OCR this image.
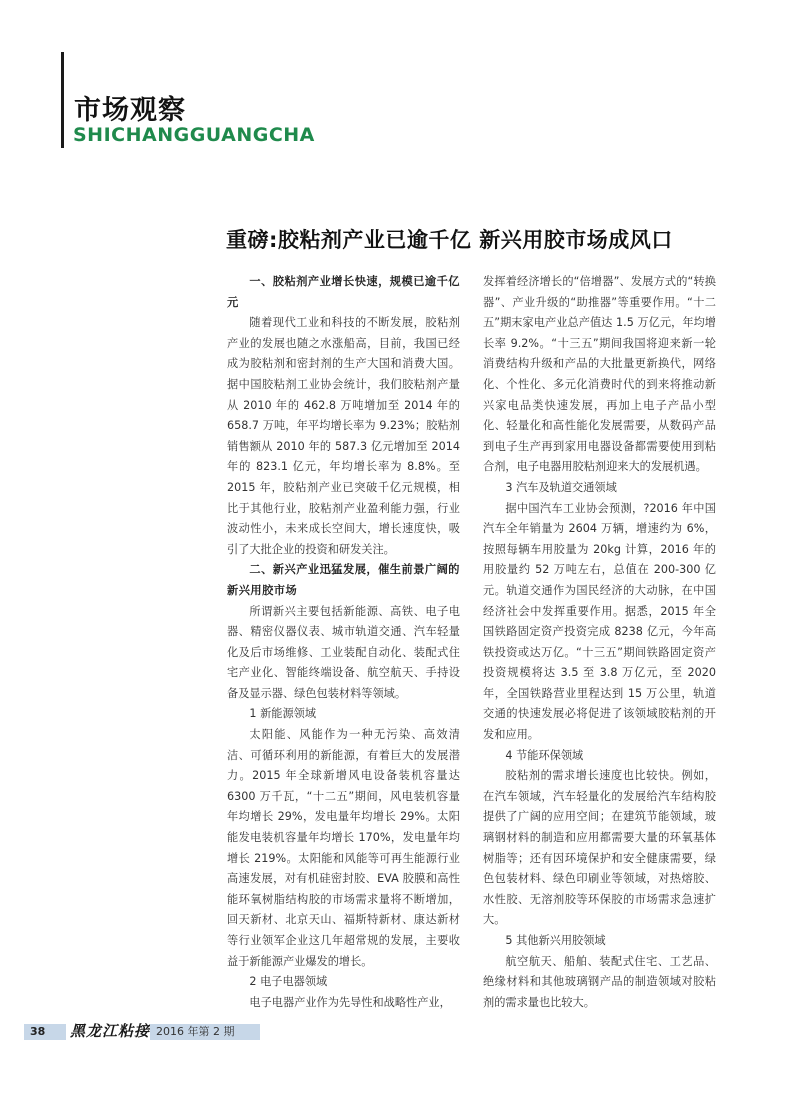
市场观察
SHICHANGGUANGCHA
重磅:胶粘剂产业已逾千亿 新兴用胶市场成风口

一、胶粘剂产业增长快速，规模已逾千亿元

随着现代工业和科技的不断发展，胶粘剂产业的发展也随之水涨船高，目前，我国已经成为胶粘剂和密封剂的生产大国和消费大国。据中国胶粘剂工业协会统计，我们胶粘剂产量从 2010 年的 462.8 万吨增加至 2014 年的 658.7 万吨，年平均增长率为 9.23%；胶粘剂销售额从 2010 年的 587.3 亿元增加至 2014 年的 823.1 亿元，年均增长率为 8.8%。至 2015 年，胶粘剂产业已突破千亿元规模，相比于其他行业，胶粘剂产业盈利能力强，行业波动性小，未来成长空间大，增长速度快，吸引了大批企业的投资和研发关注。

二、新兴产业迅猛发展，催生前景广阔的新兴用胶市场

所谓新兴主要包括新能源、高铁、电子电器、精密仪器仪表、城市轨道交通、汽车轻量化及后市场维修、工业装配自动化、装配式住宅产业化、智能终端设备、航空航天、手持设备及显示器、绿色包装材料等领域。

1 新能源领域

太阳能、风能作为一种无污染、高效清洁、可循环利用的新能源，有着巨大的发展潜力。2015 年全球新增风电设备装机容量达 6300 万千瓦，“十二五”期间，风电装机容量年均增长 29%，发电量年均增长 29%。太阳能发电装机容量年均增长 170%，发电量年均增长 219%。太阳能和风能等可再生能源行业高速发展，对有机硅密封胶、EVA 胶膜和高性能环氧树脂结构胶的市场需求量将不断增加，回天新材、北京天山、福斯特新材、康达新材等行业领军企业这几年超常规的发展，主要收益于新能源产业爆发的增长。

2 电子电器领域

电子电器产业作为先导性和战略性产业，

发挥着经济增长的“倍增器”、发展方式的“转换器”、产业升级的“助推器”等重要作用。“十二五”期末家电产业总产值达 1.5 万亿元，年均增长率 9.2%。“十三五”期间我国将迎来新一轮消费结构升级和产品的大批量更新换代，网络化、个性化、多元化消费时代的到来将推动新兴家电品类快速发展，再加上电子产品小型化、轻量化和高性能化发展需要，从数码产品到电子生产再到家用电器设备都需要使用到粘合剂，电子电器用胶粘剂迎来大的发展机遇。

3 汽车及轨道交通领域

据中国汽车工业协会预测，?2016 年中国汽车全年销量为 2604 万辆，增速约为 6%，按照每辆车用胶量为 20kg 计算，2016 年的用胶量约 52 万吨左右，总值在 200-300 亿元。轨道交通作为国民经济的大动脉，在中国经济社会中发挥重要作用。据悉，2015 年全国铁路固定资产投资完成 8238 亿元，今年高铁投资或达万亿。“十三五”期间铁路固定资产投资规模将达 3.5 至 3.8 万亿元，至 2020 年，全国铁路营业里程达到 15 万公里，轨道交通的快速发展必将促进了该领域胶粘剂的开发和应用。

4 节能环保领域

胶粘剂的需求增长速度也比较快。例如，在汽车领域，汽车轻量化的发展给汽车结构胶提供了广阔的应用空间；在建筑节能领域，玻璃钢材料的制造和应用都需要大量的环氧基体树脂等；还有因环境保护和安全健康需要，绿色包装材料、绿色印刷业等领域，对热熔胶、水性胶、无溶剂胶等环保胶的市场需求急速扩大。

5 其他新兴用胶领域

航空航天、船舶、装配式住宅、工艺品、绝缘材料和其他玻璃钢产品的制造领域对胶粘剂的需求量也比较大。

38 黑龙江粘接 2016 年第 2 期
